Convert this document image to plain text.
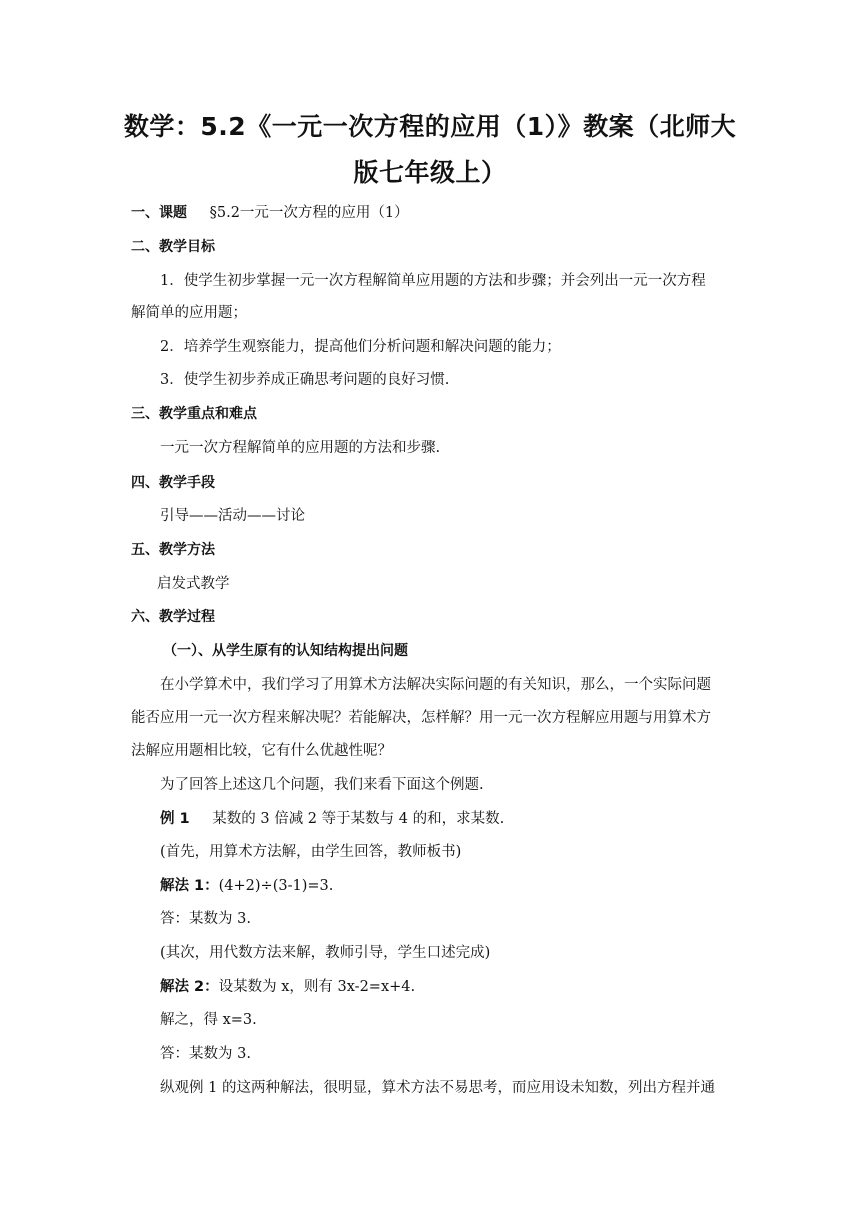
数学：5.2《一元一次方程的应用（1）》教案（北师大版七年级上）
一、课题 §5.2一元一次方程的应用（1）
二、教学目标
1．使学生初步掌握一元一次方程解简单应用题的方法和步骤；并会列出一元一次方程
解简单的应用题；
2．培养学生观察能力，提高他们分析问题和解决问题的能力；
3．使学生初步养成正确思考问题的良好习惯.
三、教学重点和难点
一元一次方程解简单的应用题的方法和步骤.
四、教学手段
引导——活动——讨论
五、教学方法
启发式教学
六、教学过程
（一）、从学生原有的认知结构提出问题
在小学算术中，我们学习了用算术方法解决实际问题的有关知识，那么，一个实际问题
能否应用一元一次方程来解决呢？若能解决，怎样解？用一元一次方程解应用题与用算术方
法解应用题相比较，它有什么优越性呢？
为了回答上述这几个问题，我们来看下面这个例题.
例 1 某数的 3 倍减 2 等于某数与 4 的和，求某数.
(首先，用算术方法解，由学生回答，教师板书)
解法 1：(4+2)÷(3-1)=3.
答：某数为 3.
(其次，用代数方法来解，教师引导，学生口述完成)
解法 2：设某数为 x，则有 3x-2=x+4.
解之，得 x=3.
答：某数为 3.
纵观例 1 的这两种解法，很明显，算术方法不易思考，而应用设未知数，列出方程并通
